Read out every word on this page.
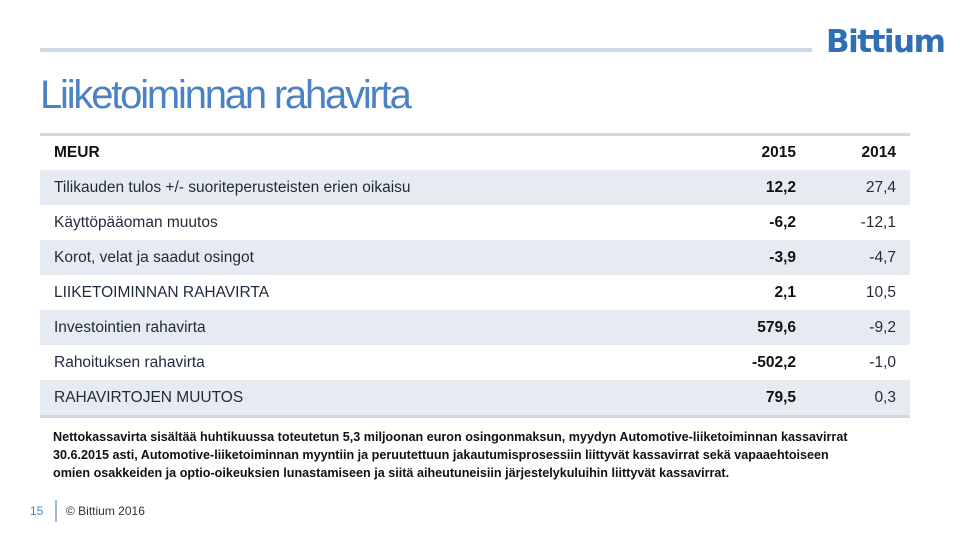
Bittium
Liiketoiminnan rahavirta
MEUR	2015	2014
Tilikauden tulos +/- suoriteperusteisten erien oikaisu	12,2	27,4
Käyttöpääoman muutos	-6,2	-12,1
Korot, velat ja saadut osingot	-3,9	-4,7
LIIKETOIMINNAN RAHAVIRTA	2,1	10,5
Investointien rahavirta	579,6	-9,2
Rahoituksen rahavirta	-502,2	-1,0
RAHAVIRTOJEN MUUTOS	79,5	0,3
Nettokassavirta sisältää huhtikuussa toteutetun 5,3 miljoonan euron osingonmaksun, myydyn Automotive-liiketoiminnan kassavirrat
30.6.2015 asti, Automotive-liiketoiminnan myyntiin ja peruutettuun jakautumisprosessiin liittyvät kassavirrat sekä vapaaehtoiseen
omien osakkeiden ja optio-oikeuksien lunastamiseen ja siitä aiheutuneisiin järjestelykuluihin liittyvät kassavirrat.
15 © Bittium 2016
